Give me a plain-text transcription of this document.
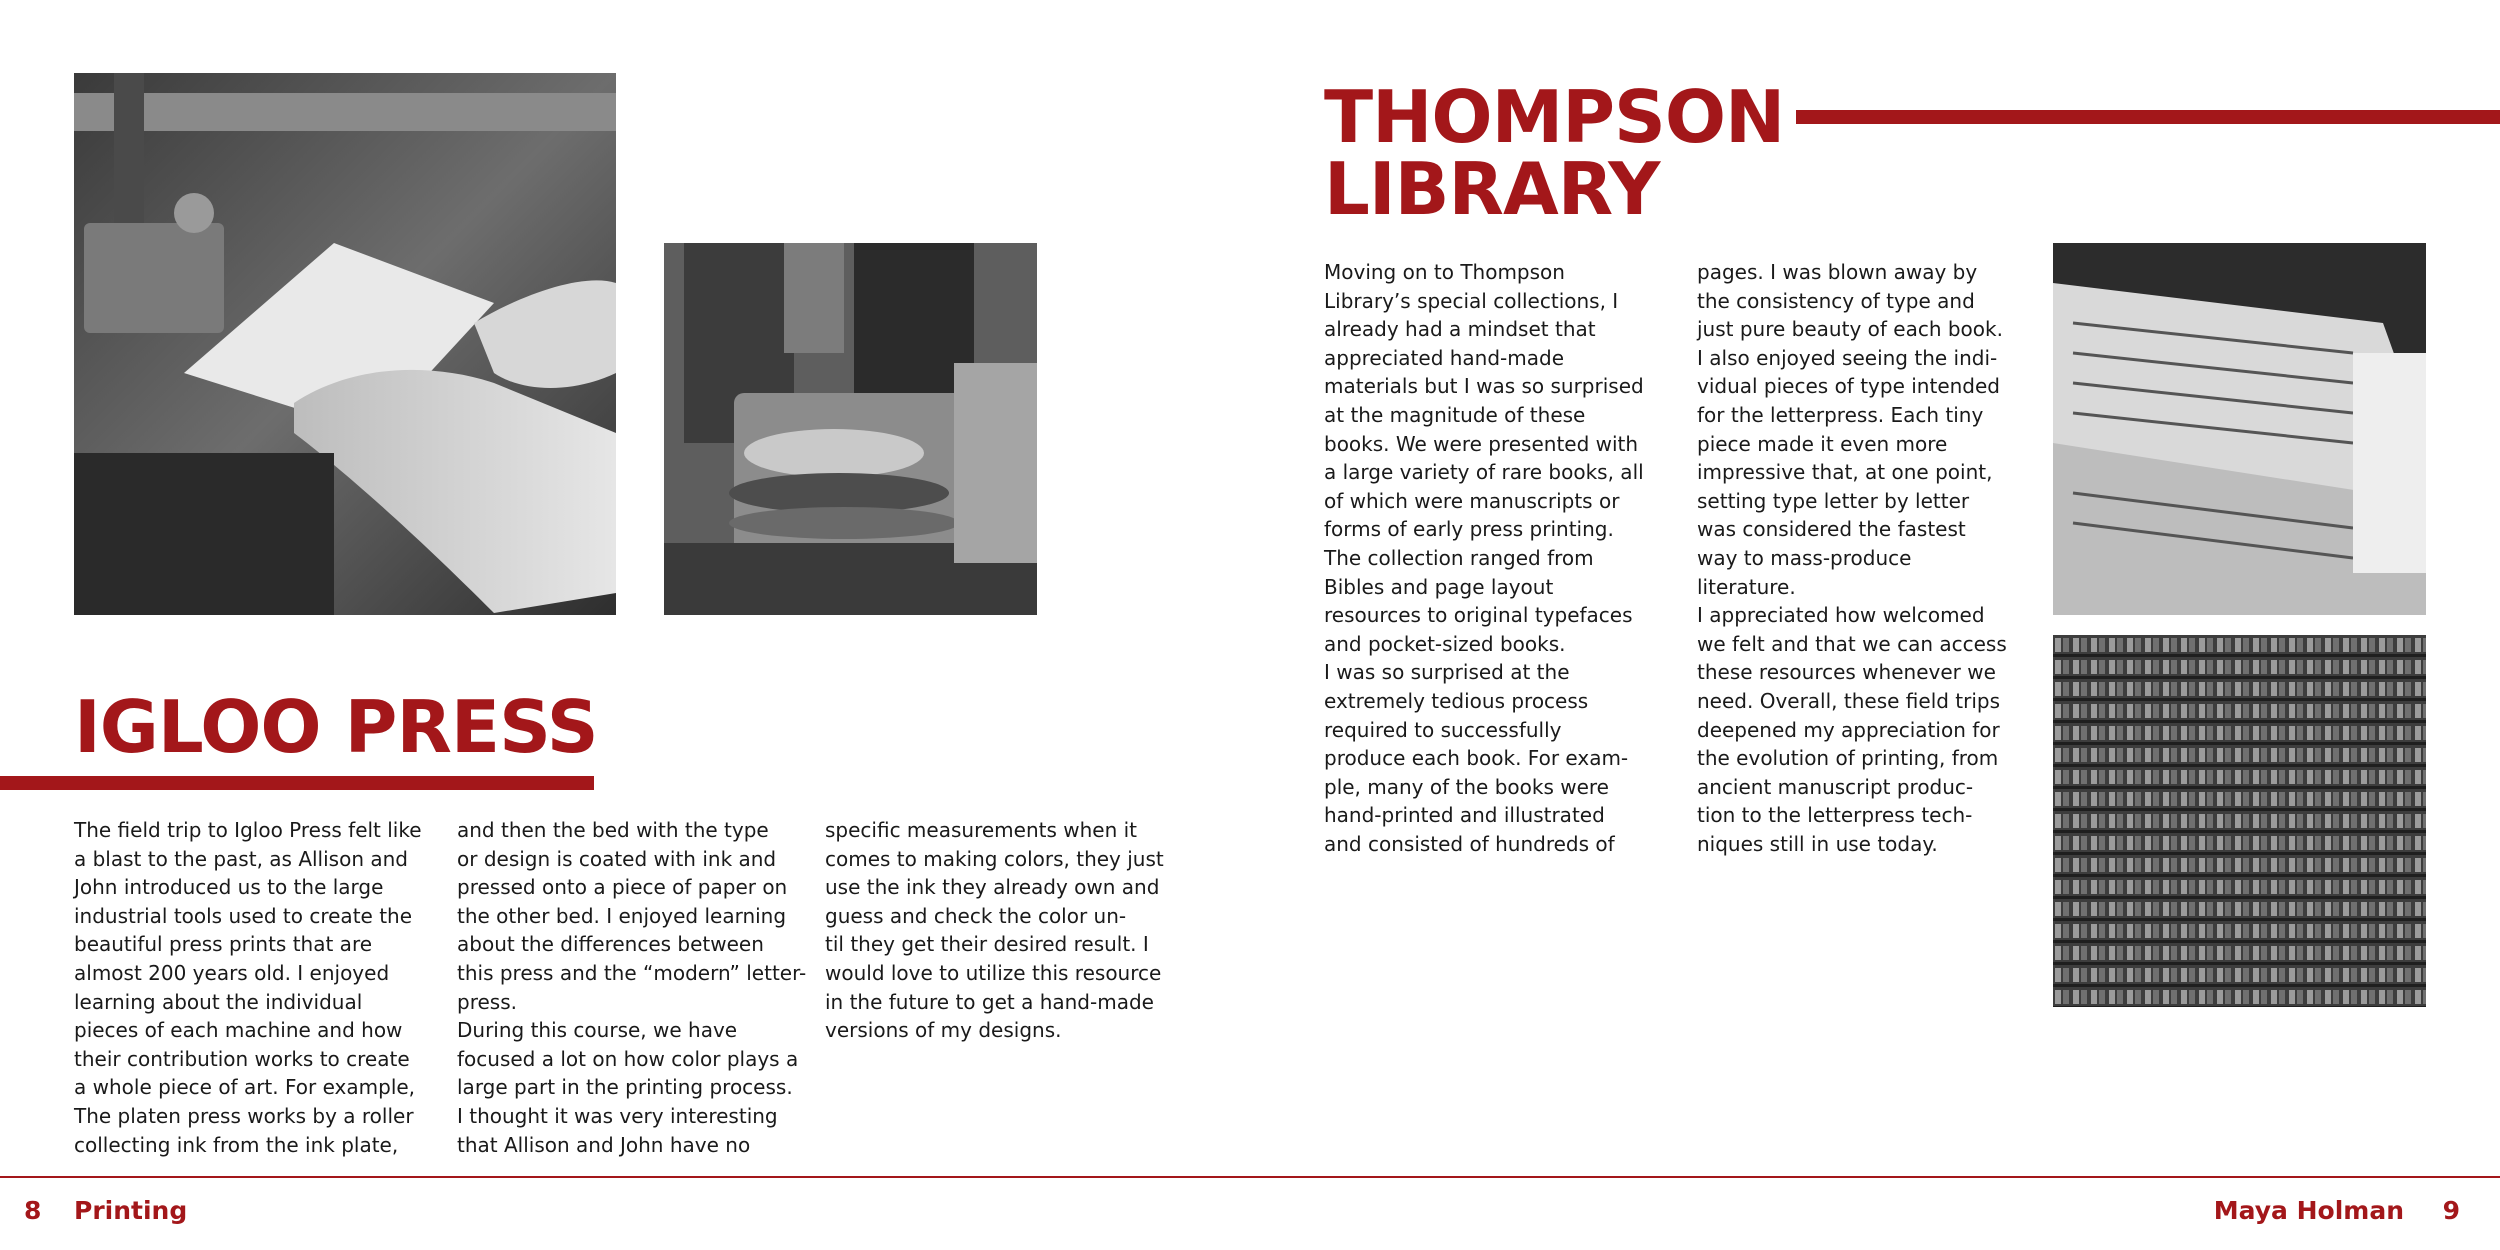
IGLOO PRESS

The field trip to Igloo Press felt like
a blast to the past, as Allison and
John introduced us to the large
industrial tools used to create the
beautiful press prints that are
almost 200 years old. I enjoyed
learning about the individual
pieces of each machine and how
their contribution works to create
a whole piece of art. For example,
The platen press works by a roller
collecting ink from the ink plate,

and then the bed with the type
or design is coated with ink and
pressed onto a piece of paper on
the other bed. I enjoyed learning
about the differences between
this press and the “modern” letter-
press.
During this course, we have
focused a lot on how color plays a
large part in the printing process.
I thought it was very interesting
that Allison and John have no

specific measurements when it
comes to making colors, they just
use the ink they already own and
guess and check the color un-
til they get their desired result. I
would love to utilize this resource
in the future to get a hand-made
versions of my designs.

THOMPSON
LIBRARY

Moving on to Thompson
Library’s special collections, I
already had a mindset that
appreciated hand-made
materials but I was so surprised
at the magnitude of these
books. We were presented with
a large variety of rare books, all
of which were manuscripts or
forms of early press printing.
The collection ranged from
Bibles and page layout
resources to original typefaces
and pocket-sized books.
I was so surprised at the
extremely tedious process
required to successfully
produce each book. For exam-
ple, many of the books were
hand-printed and illustrated
and consisted of hundreds of

pages. I was blown away by
the consistency of type and
just pure beauty of each book.
I also enjoyed seeing the indi-
vidual pieces of type intended
for the letterpress. Each tiny
piece made it even more
impressive that, at one point,
setting type letter by letter
was considered the fastest
way to mass-produce
literature.
I appreciated how welcomed
we felt and that we can access
these resources whenever we
need. Overall, these field trips
deepened my appreciation for
the evolution of printing, from
ancient manuscript produc-
tion to the letterpress tech-
niques still in use today.

8 Printing	Maya Holman 9
